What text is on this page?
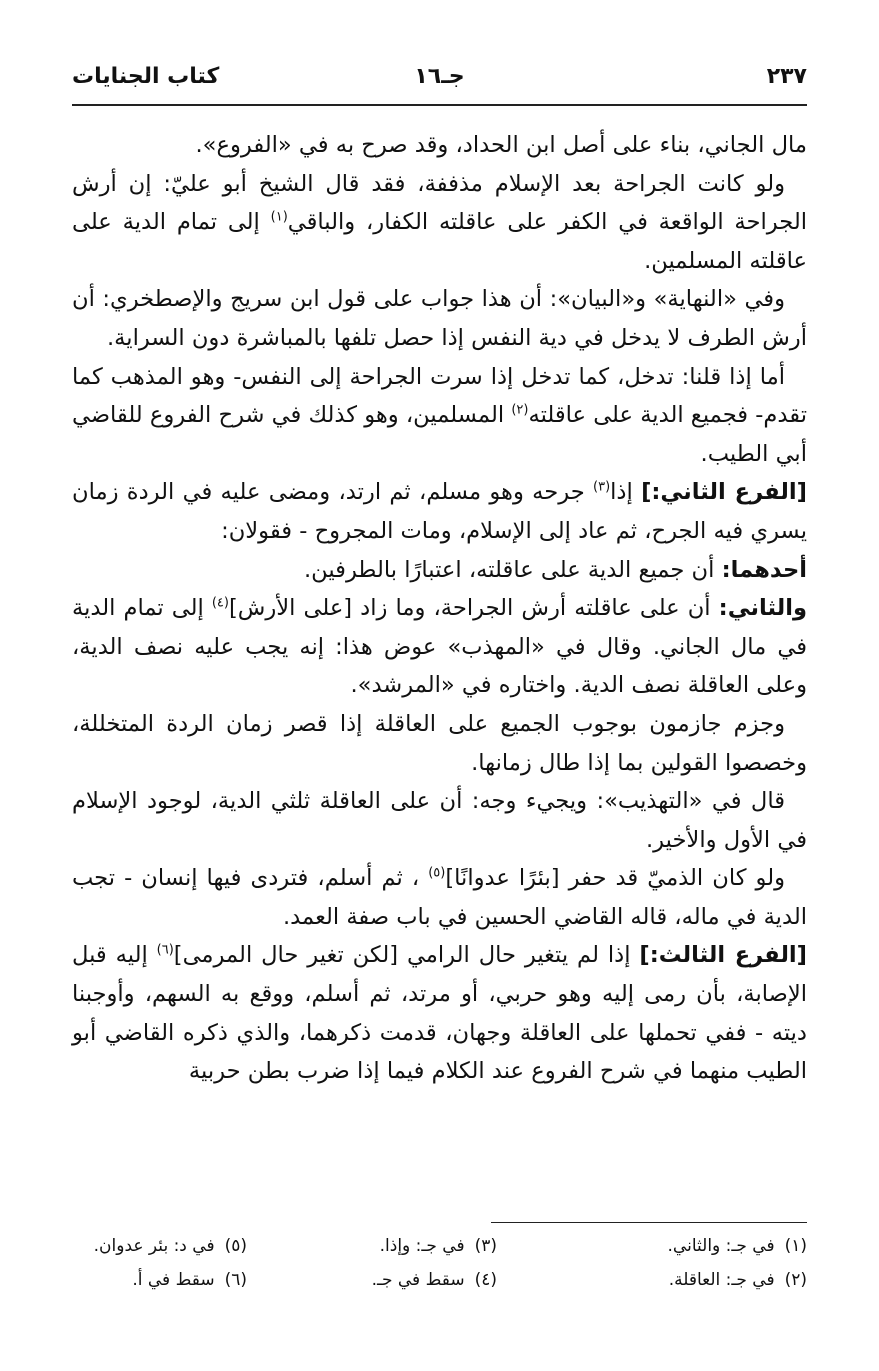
٢٣٧
جـ١٦
كتاب الجنايات

مال الجاني، بناء على أصل ابن الحداد، وقد صرح به في «الفروع».

ولو كانت الجراحة بعد الإسلام مذففة، فقد قال الشيخ أبو عليّ: إن أرش الجراحة الواقعة في الكفر على عاقلته الكفار، والباقي$^{(١)}$ إلى تمام الدية على عاقلته المسلمين.

وفي «النهاية» و«البيان»: أن هذا جواب على قول ابن سريج والإصطخري: أن أرش الطرف لا يدخل في دية النفس إذا حصل تلفها بالمباشرة دون السراية.

أما إذا قلنا: تدخل، كما تدخل إذا سرت الجراحة إلى النفس- وهو المذهب كما تقدم- فجميع الدية على عاقلته$^{(٢)}$ المسلمين، وهو كذلك في شرح الفروع للقاضي أبي الطيب.

[الفرع الثاني:] إذا$^{(٣)}$ جرحه وهو مسلم، ثم ارتد، ومضى عليه في الردة زمان يسري فيه الجرح، ثم عاد إلى الإسلام، ومات المجروح - فقولان:

أحدهما: أن جميع الدية على عاقلته، اعتبارًا بالطرفين.

والثاني: أن على عاقلته أرش الجراحة، وما زاد [على الأرش]$^{(٤)}$ إلى تمام الدية في مال الجاني. وقال في «المهذب» عوض هذا: إنه يجب عليه نصف الدية، وعلى العاقلة نصف الدية. واختاره في «المرشد».

وجزم جازمون بوجوب الجميع على العاقلة إذا قصر زمان الردة المتخللة، وخصصوا القولين بما إذا طال زمانها.

قال في «التهذيب»: ويجيء وجه: أن على العاقلة ثلثي الدية، لوجود الإسلام في الأول والأخير.

ولو كان الذميّ قد حفر [بئرًا عدوانًا]$^{(٥)}$ ، ثم أسلم، فتردى فيها إنسان - تجب الدية في ماله، قاله القاضي الحسين في باب صفة العمد.

[الفرع الثالث:] إذا لم يتغير حال الرامي [لكن تغير حال المرمى]$^{(٦)}$ إليه قبل الإصابة، بأن رمى إليه وهو حربي، أو مرتد، ثم أسلم، ووقع به السهم، وأوجبنا ديته - ففي تحملها على العاقلة وجهان، قدمت ذكرهما، والذي ذكره القاضي أبو الطيب منهما في شرح الفروع عند الكلام فيما إذا ضرب بطن حربية

(١)في جـ: والثاني.
(٢)في جـ: العاقلة.
(٣)في جـ: وإذا.
(٤)سقط في جـ.
(٥)في د: بئر عدوان.
(٦)سقط في أ.
